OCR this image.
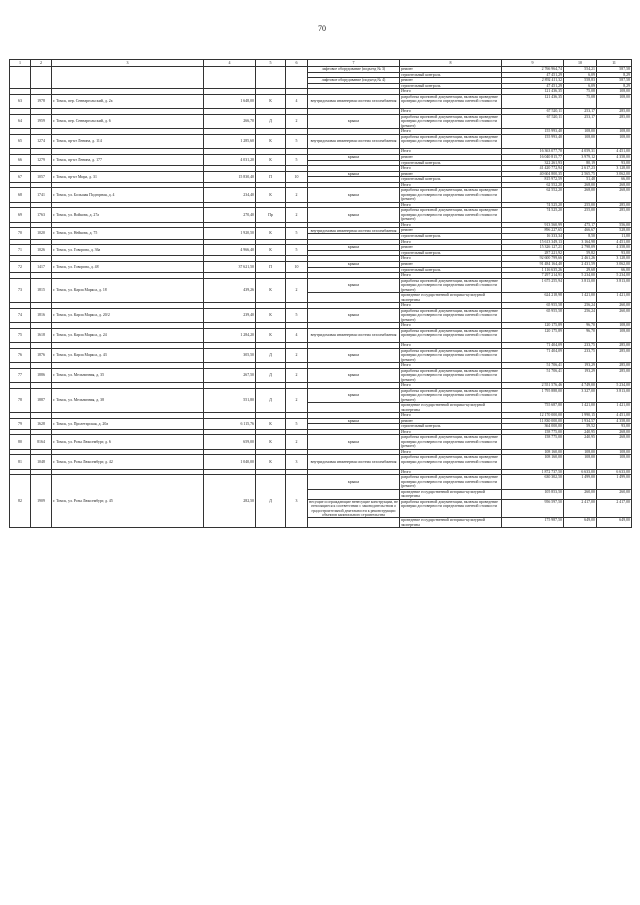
70
1	2	3	4	5	6	7	8	9	10	11
						ла́фтовое оборудование (подъезд № 3)	ремонт	2 766 964,74	554,21	587,58
							строительный контроль	47 451,29	6,09	8,29
						лифтовое оборудование (подъезд № 4)	ремонт	2 892 411,32	558,83	587,58
							строительный контроль	47 451,29	6,09	8,29
							Итого	121 436,35	75,08	108,00
63	1978	г. Томск, пер. Сеннаргольский, д. 2а	1 648,00	К	4	внутридомовая инженерная система газоснабжения	разработка проектной документации, включая проведение проверки достоверности определения сметной стоимости	121 436,35	75,08	108,00
							Итого	67 520,11	253,17	285,00
64	1959	г. Томск, пер. Сеннаргольский, д. 6	266,70	Д	2	крыша	разработка проектной документации, включая проведение проверки достоверности определения сметной стоимости (ремонт)	67 520,11	253,17	285,00
							Итого	155 993,40	108,00	108,00
65	1274	г. Томск, пр-кт Ленина, д. 114	1 285,60	К	5	внутридомовая инженерная система газоснабжения	разработка проектной документации, включая проведение проверки достоверности определения сметной стоимости	155 993,40	108,00	108,00
							Итого	16 363 077,70	4 059,31	4 451,00
66	1279	г. Томск, пр-кт Ленина, д. 177	4 031,20	К	5	крыша	ремонт	16 040 815,77	3 979,12	4 358,00
							строительный контроль	322 261,93	80,19	93,00
							Итого	41 420 772,94	2 617,23	3 128,00
67	1057	г. Томск, пр-кт Мира, д. 31	15 830,40	П	10	крыша	ремонт	40 604 800,35	2 565,75	3 062,00
							строительный контроль	815 972,59	51,48	66,00
							Итого	62 552,20	268,00	268,00
68	1741	г. Томск, ул. Большая Подгорная, д. 4	234,40	К	2	крыша	разработка проектной документации, включая проведение проверки достоверности определения сметной стоимости (ремонт)	62 552,20	268,00	268,00
							Итого	74 525,20	255,00	285,00
69	1763	г. Томск, ул. Войкова, д. 27а	270,40	Пр	2	крыша	разработка проектной документации, включая проведение проверки достоверности определения сметной стоимости (ремонт)	74 525,20	255,00	285,00
							Итого	913 560,99	475,17	556,00
70	1020	г. Томск, ул. Нейкова, д. 75	1 920,50	К	5	внутридомовая инженерная система газоснабжения	ремонт	896 227,65	466,67	528,00
							строительный контроль	16 333,34	8,50	11,00
							Итого	15 613 349,13	3 164,98	4 451,00
71	1026	г. Томск, ул. Говорова, д. 36а	4 966,40	К	5	крыша	ремонт	15 326 127,21	2 798,09	4 358,00
							строительный контроль	287 221,92	59,82	93,00
							Итого	92 600 799,66	2 461,26	3 128,00
72	1417	г. Томск, ул. Говорова, д. 48	37 621,50	П	10	крыша	ремонт	91 484 164,40	2 431,59	3 062,00
							строительный контроль	1 116 635,26	29,68	66,00
							Итого	7 297 214,91	5 234,00	5 234,00
73	1815	г. Томск, ул. Карла Маркса, д. 18	439,26	К	2	крыша	разработка проектной документации, включая проведение проверки достоверности определения сметной стоимости (ремонт)	1 675 255,94	3 813,00	3 813,00
							проведение государственной историко-культурной экспертизы	624 218,98	1 421,00	1 421,00
							Итого	65 955,58	256,24	260,00
74	1816	г. Томск, ул. Карла Маркса, д. 20/2	239,40	К	5	крыша	разработка проектной документации, включая проведение проверки достоверности определения сметной стоимости (ремонт)	65 955,58	256,24	260,00
							Итого	120 175,89	96,70	108,00
75	1618	г. Томск, ул. Карла Маркса, д. 24	1 284,20	К	4	внутридомовая инженерная система газоснабжения	разработка проектной документации, включая проведение проверки достоверности определения сметной стоимости	120 175,89	96,70	108,00
							Итого	71 404,09	233,75	285,00
76	1876	г. Томск, ул. Карла Маркса, д. 43	305,50	Д	2	крыша	разработка проектной документации, включая проведение проверки достоверности определения сметной стоимости (ремонт)	71 404,09	233,75	285,00
							Итого	51 706,41	193,29	285,00
77	1886	г. Томск, ул. Мельничная, д. 35	267,50	Д	2	крыша	разработка проектной документации, включая проведение проверки достоверности определения сметной стоимости (ремонт)	51 706,41	193,29	285,00
							Итого	2 551 576,46	4 749,00	5 234,00
78	1887	г. Томск, ул. Мельничная, д. 38	551,80	Д	2	крыша	разработка проектной документации, включая проведение проверки достоверности определения сметной стоимости (ремонт)	1 795 888,00	3 327,00	3 813,00
							проведение государственной историко-культурной экспертизы	755 687,80	1 421,00	1 421,00
							Итого	12 170 000,00	1 990,15	4 451,00
79	1628	г. Томск, ул. Пролетарская, д. 20а	6 115,76	К	5	крыша	ремонт	11 830 000,00	1 934,57	4 358,00
							строительный контроль	364 000,00	59,52	93,00
							Итого	158 775,00	240,95	268,00
80	8164	г. Томск, ул. Розы Люксембург, д. 6	659,00	К	2	крыша	разработка проектной документации, включая проведение проверки достоверности определения сметной стоимости (ремонт)	158 775,00	240,95	268,00
							Итого	108 160,00	108,00	108,00
81	1048	г. Томск, ул. Розы Люксембург, д. 42	1 040,00	К	3	внутридомовая инженерная система газоснабжения	разработка проектной документации, включая проведение проверки достоверности определения сметной стоимости	108 160,00	108,00	108,00
							Итого	1 872 737,50	6 633,00	6 633,00
82	1909	г. Томск, ул. Розы Люксембург, д. 45	282,50	Д	3	крыша	разработка проектной документации, включая проведение проверки достоверности определения сметной стоимости (ремонт)	630 302,50	1 499,00	1 499,00
							проведение государственной историко-культурной экспертизы	105 853,50	260,00	260,00
						несущие и ограждающие ненесущие конструкции, не относящиеся к соответствии с законодательством о градостроительной деятельности к реконструкции объектов капитального строительства	разработка проектной документации, включая проведение проверки достоверности определения сметной стоимости	956 597,50	2 417,00	2 417,00
							проведение государственной историко-культурной экспертизы	175 987,50	649,00	649,00
